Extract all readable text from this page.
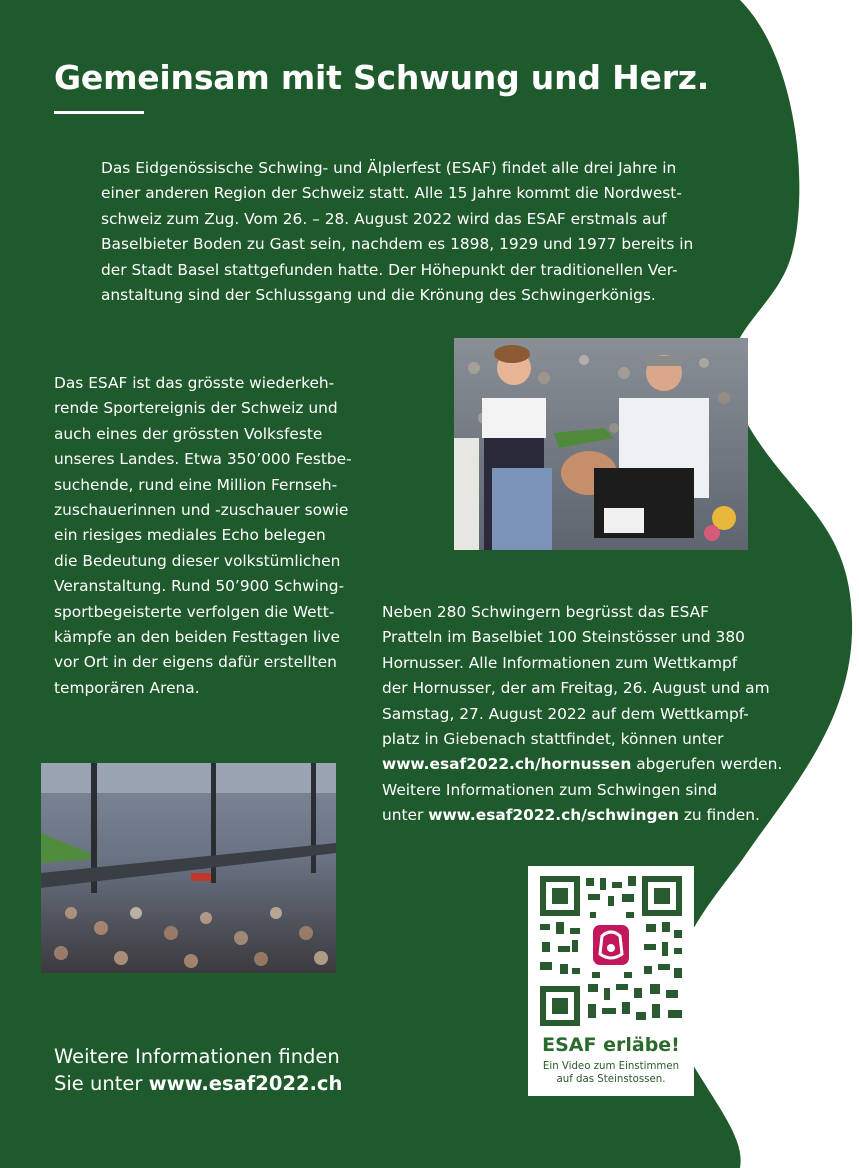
Gemeinsam mit Schwung und Herz.

Das Eidgenössische Schwing- und Älplerfest (ESAF) findet alle drei Jahre in

einer anderen Region der Schweiz statt. Alle 15 Jahre kommt die Nordwest-

schweiz zum Zug. Vom 26. – 28. August 2022 wird das ESAF erstmals auf

Baselbieter Boden zu Gast sein, nachdem es 1898, 1929 und 1977 bereits in

der Stadt Basel stattgefunden hatte. Der Höhepunkt der traditionellen Ver-

anstaltung sind der Schlussgang und die Krönung des Schwingerkönigs.

Das ESAF ist das grösste wiederkeh-

rende Sportereignis der Schweiz und

auch eines der grössten Volksfeste

unseres Landes. Etwa 350’000 Festbe-

suchende, rund eine Million Fernseh-

zuschauerinnen und -zuschauer sowie

ein riesiges mediales Echo belegen

die Bedeutung dieser volkstümlichen

Veranstaltung. Rund 50’900 Schwing-

sportbegeisterte verfolgen die Wett-

kämpfe an den beiden Festtagen live

vor Ort in der eigens dafür erstellten

temporären Arena.

Neben 280 Schwingern begrüsst das ESAF

Pratteln im Baselbiet 100 Steinstösser und 380

Hornusser. Alle Informationen zum Wettkampf

der Hornusser, der am Freitag, 26. August und am

Samstag, 27. August 2022 auf dem Wettkampf-

platz in Giebenach stattfindet, können unter

www.esaf2022.ch/hornussen abgerufen werden.

Weitere Informationen zum Schwingen sind

unter www.esaf2022.ch/schwingen zu finden.

ESAF erläbe!
Ein Video zum Einstimmen
auf das Steinstossen.
Weitere Informationen finden
Sie unter www.esaf2022.ch
